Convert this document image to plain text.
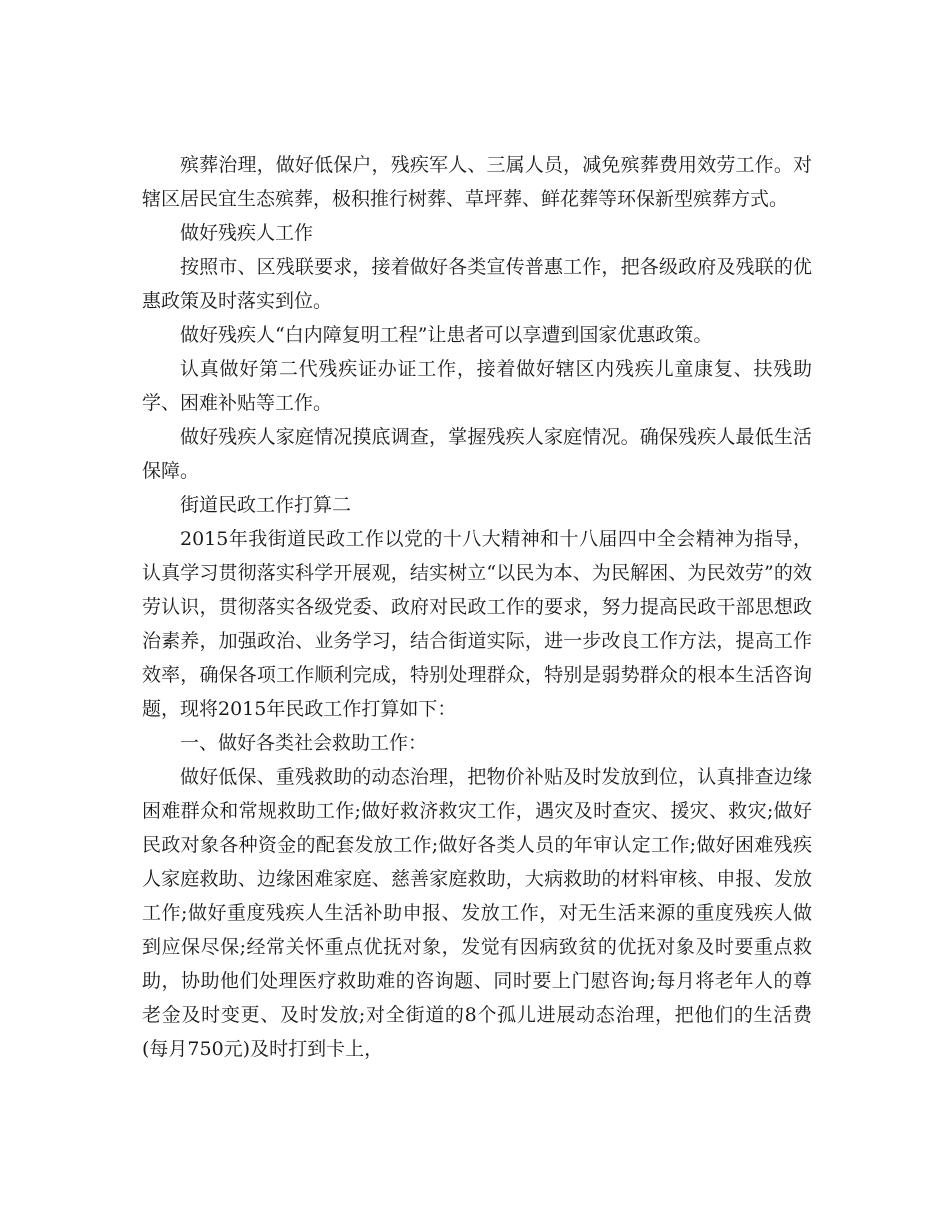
殡葬治理，做好低保户，残疾军人、三属人员，减免殡葬费用效劳工作。对辖区居民宜生态殡葬，极积推行树葬、草坪葬、鲜花葬等环保新型殡葬方式。

做好残疾人工作

按照市、区残联要求，接着做好各类宣传普惠工作，把各级政府及残联的优惠政策及时落实到位。

做好残疾人“白内障复明工程”让患者可以享遭到国家优惠政策。

认真做好第二代残疾证办证工作，接着做好辖区内残疾儿童康复、扶残助学、困难补贴等工作。

做好残疾人家庭情况摸底调查，掌握残疾人家庭情况。确保残疾人最低生活保障。

街道民政工作打算二

2015年我街道民政工作以党的十八大精神和十八届四中全会精神为指导，认真学习贯彻落实科学开展观，结实树立“以民为本、为民解困、为民效劳”的效劳认识，贯彻落实各级党委、政府对民政工作的要求，努力提高民政干部思想政治素养，加强政治、业务学习，结合街道实际，进一步改良工作方法，提高工作效率，确保各项工作顺利完成，特别处理群众，特别是弱势群众的根本生活咨询题，现将2015年民政工作打算如下：

一、做好各类社会救助工作：

做好低保、重残救助的动态治理，把物价补贴及时发放到位，认真排查边缘困难群众和常规救助工作;做好救济救灾工作，遇灾及时查灾、援灾、救灾;做好民政对象各种资金的配套发放工作;做好各类人员的年审认定工作;做好困难残疾人家庭救助、边缘困难家庭、慈善家庭救助，大病救助的材料审核、申报、发放工作;做好重度残疾人生活补助申报、发放工作，对无生活来源的重度残疾人做到应保尽保;经常关怀重点优抚对象，发觉有因病致贫的优抚对象及时要重点救助，协助他们处理医疗救助难的咨询题、同时要上门慰咨询;每月将老年人的尊老金及时变更、及时发放;对全街道的8个孤儿进展动态治理，把他们的生活费(每月750元)及时打到卡上，
